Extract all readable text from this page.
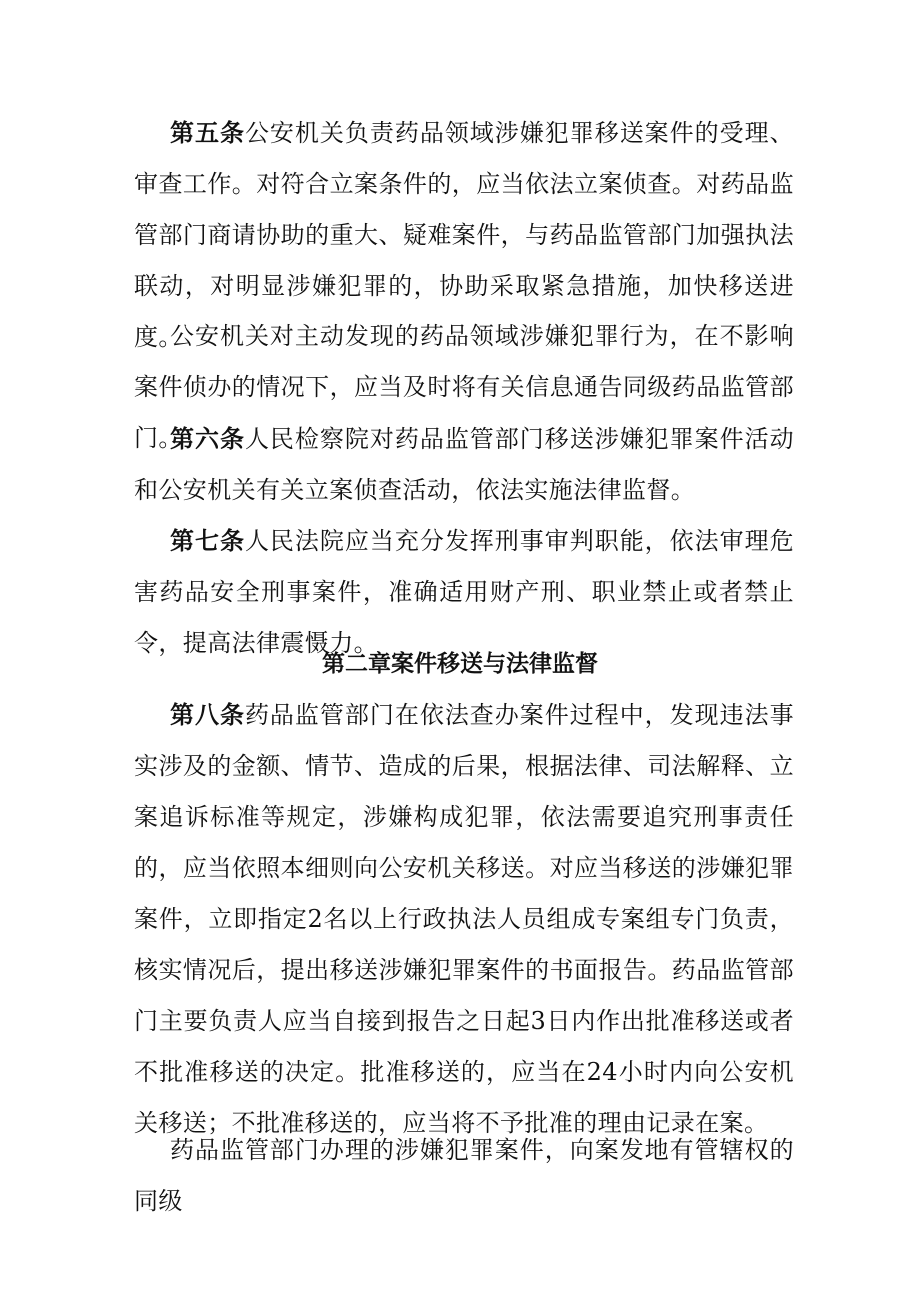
第五条公安机关负责药品领域涉嫌犯罪移送案件的受理、审查工作。对符合立案条件的，应当依法立案侦查。对药品监管部门商请协助的重大、疑难案件，与药品监管部门加强执法联动，对明显涉嫌犯罪的，协助采取紧急措施，加快移送进度。

公安机关对主动发现的药品领域涉嫌犯罪行为，在不影响案件侦办的情况下，应当及时将有关信息通告同级药品监管部门。

第六条人民检察院对药品监管部门移送涉嫌犯罪案件活动和公安机关有关立案侦查活动，依法实施法律监督。

第七条人民法院应当充分发挥刑事审判职能，依法审理危害药品安全刑事案件，准确适用财产刑、职业禁止或者禁止令，提高法律震慑力。

第二章案件移送与法律监督

第八条药品监管部门在依法查办案件过程中，发现违法事实涉及的金额、情节、造成的后果，根据法律、司法解释、立案追诉标准等规定，涉嫌构成犯罪，依法需要追究刑事责任的，应当依照本细则向公安机关移送。对应当移送的涉嫌犯罪案件，立即指定2名以上行政执法人员组成专案组专门负责，核实情况后，提出移送涉嫌犯罪案件的书面报告。药品监管部门主要负责人应当自接到报告之日起3日内作出批准移送或者不批准移送的决定。批准移送的，应当在24小时内向公安机关移送；不批准移送的，应当将不予批准的理由记录在案。

药品监管部门办理的涉嫌犯罪案件，向案发地有管辖权的同级
